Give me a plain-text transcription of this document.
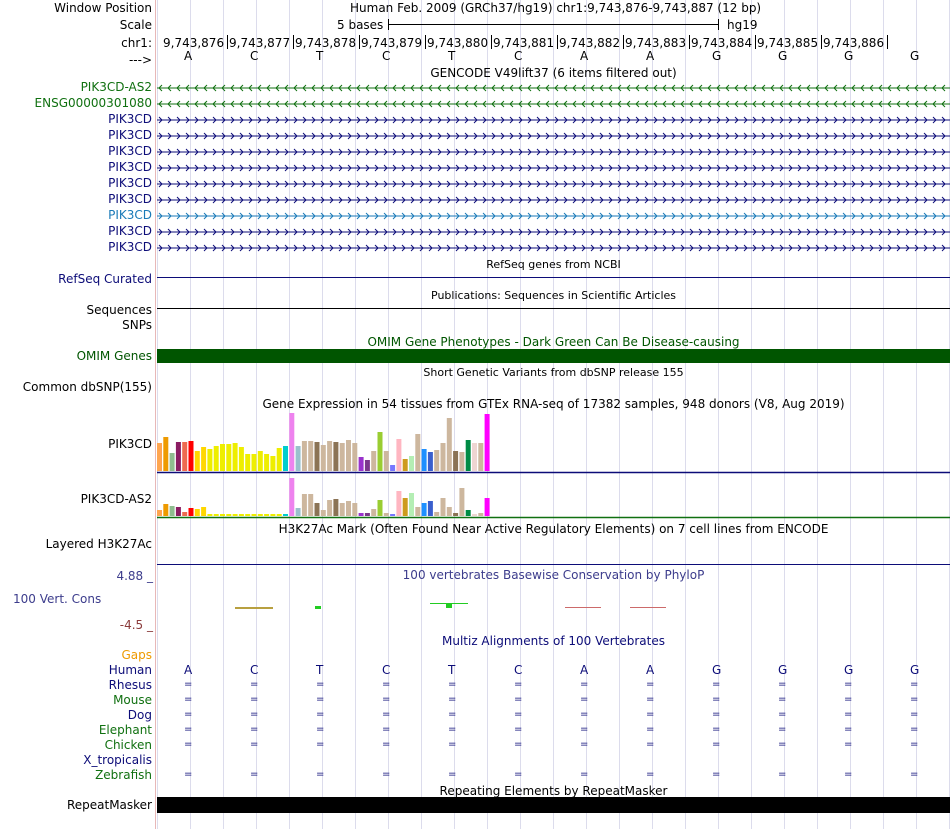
Window Position	Human Feb. 2009 (GRCh37/hg19) chr1:9,743,876-9,743,887 (12 bp)
Scale	5 bases	hg19
chr1: 9,743,876 9,743,877 9,743,878 9,743,879 9,743,880 9,743,881 9,743,882 9,743,883 9,743,884 9,743,885 9,743,886
--->	A	C	T	C	T	C	A	A	G	G	G	G
GENCODE V49lift37 (6 items filtered out)
PIK3CD-AS2
ENSG00000301080
PIK3CD
PIK3CD
PIK3CD
PIK3CD
PIK3CD
PIK3CD
PIK3CD
PIK3CD
PIK3CD
RefSeq genes from NCBI
RefSeq Curated
Publications: Sequences in Scientific Articles
Sequences
SNPs
OMIM Gene Phenotypes - Dark Green Can Be Disease-causing
OMIM Genes
Short Genetic Variants from dbSNP release 155
Common dbSNP(155)
Gene Expression in 54 tissues from GTEx RNA-seq of 17382 samples, 948 donors (V8, Aug 2019)
PIK3CD
PIK3CD-AS2
H3K27Ac Mark (Often Found Near Active Regulatory Elements) on 7 cell lines from ENCODE
Layered H3K27Ac
100 vertebrates Basewise Conservation by PhyloP
4.88 _
100 Vert. Cons
-4.5 _
Multiz Alignments of 100 Vertebrates
Gaps
Human	A	C	T	C	T	C	A	A	G	G	G	G
Rhesus	=	=	=	=	=	=	=	=	=	=	=	=
Mouse	=	=	=	=	=	=	=	=	=	=	=	=
Dog	=	=	=	=	=	=	=	=	=	=	=	=
Elephant	=	=	=	=	=	=	=	=	=	=	=	=
Chicken	=	=	=	=	=	=	=	=	=	=	=	=
X_tropicalis
Zebrafish	=	=	=	=	=	=	=	=	=	=	=	=
Repeating Elements by RepeatMasker
RepeatMasker
